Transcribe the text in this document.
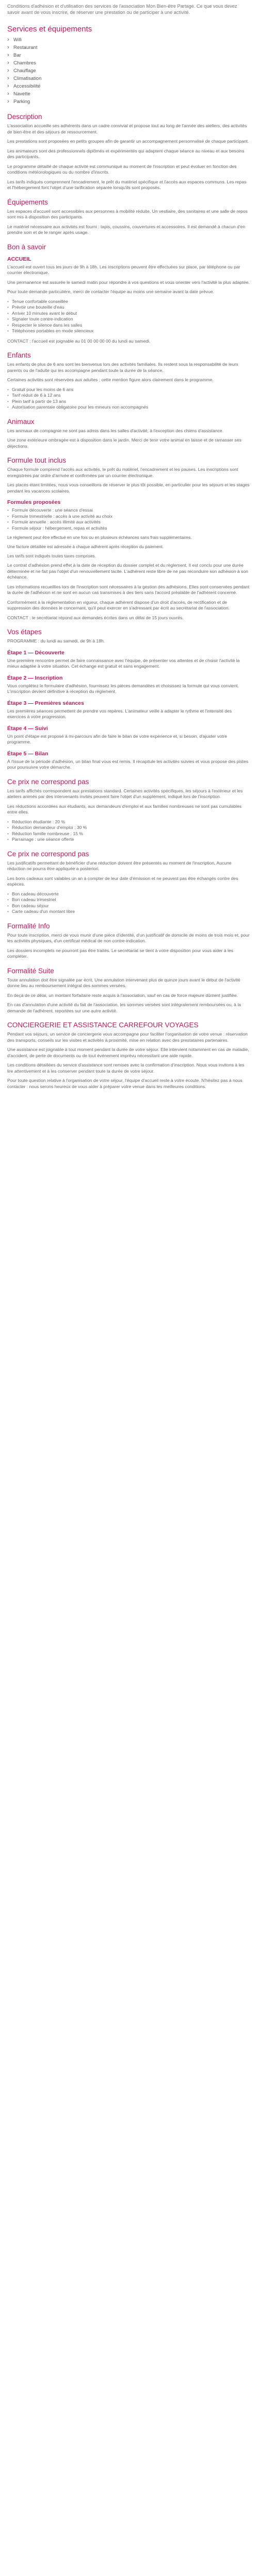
Conditions d'adhésion et d'utilisation des services de l'association Mon Bien-être Partagé. Ce que vous devez savoir avant de vous inscrire, de réserver une prestation ou de participer à une activité.

Services et équipements
› Wifi
› Restaurant
› Bar
› Chambres
› Chauffage
› Climatisation
› Accessibilité
› Navette
› Parking
Description

L'association accueille ses adhérents dans un cadre convivial et propose tout au long de l'année des ateliers, des activités de bien-être et des séjours de ressourcement.

Les prestations sont proposées en petits groupes afin de garantir un accompagnement personnalisé de chaque participant.

Les animateurs sont des professionnels diplômés et expérimentés qui adaptent chaque séance au niveau et aux besoins des participants.

Le programme détaillé de chaque activité est communiqué au moment de l'inscription et peut évoluer en fonction des conditions météorologiques ou du nombre d'inscrits.

Les tarifs indiqués comprennent l'encadrement, le prêt du matériel spécifique et l'accès aux espaces communs. Les repas et l'hébergement font l'objet d'une tarification séparée lorsqu'ils sont proposés.

Équipements

Les espaces d'accueil sont accessibles aux personnes à mobilité réduite. Un vestiaire, des sanitaires et une salle de repos sont mis à disposition des participants.

Le matériel nécessaire aux activités est fourni : tapis, coussins, couvertures et accessoires. Il est demandé à chacun d'en prendre soin et de le ranger après usage.

Bon à savoir
ACCUEIL

L'accueil est ouvert tous les jours de 9h à 18h. Les inscriptions peuvent être effectuées sur place, par téléphone ou par courrier électronique.

Une permanence est assurée le samedi matin pour répondre à vos questions et vous orienter vers l'activité la plus adaptée.

Pour toute demande particulière, merci de contacter l'équipe au moins une semaine avant la date prévue.

• Tenue confortable conseillée
• Prévoir une bouteille d'eau
• Arriver 10 minutes avant le début
• Signaler toute contre-indication
• Respecter le silence dans les salles
• Téléphones portables en mode silencieux

CONTACT : l'accueil est joignable au 01 00 00 00 00 du lundi au samedi.

Enfants

Les enfants de plus de 6 ans sont les bienvenus lors des activités familiales. Ils restent sous la responsabilité de leurs parents ou de l'adulte qui les accompagne pendant toute la durée de la séance.

Certaines activités sont réservées aux adultes ; cette mention figure alors clairement dans le programme.

• Gratuit pour les moins de 6 ans
• Tarif réduit de 6 à 12 ans
• Plein tarif à partir de 13 ans
• Autorisation parentale obligatoire pour les mineurs non accompagnés
Animaux

Les animaux de compagnie ne sont pas admis dans les salles d'activité, à l'exception des chiens d'assistance.

Une zone extérieure ombragée est à disposition dans le jardin. Merci de tenir votre animal en laisse et de ramasser ses déjections.

Formule tout inclus

Chaque formule comprend l'accès aux activités, le prêt du matériel, l'encadrement et les pauses. Les inscriptions sont enregistrées par ordre d'arrivée et confirmées par un courrier électronique.

Les places étant limitées, nous vous conseillons de réserver le plus tôt possible, en particulier pour les séjours et les stages pendant les vacances scolaires.

Formules proposées
• Formule découverte : une séance d'essai
• Formule trimestrielle : accès à une activité au choix
• Formule annuelle : accès illimité aux activités
• Formule séjour : hébergement, repas et activités

Le règlement peut être effectué en une fois ou en plusieurs échéances sans frais supplémentaires.

Une facture détaillée est adressée à chaque adhérent après réception du paiement.

Les tarifs sont indiqués toutes taxes comprises.

Le contrat d'adhésion prend effet à la date de réception du dossier complet et du règlement. Il est conclu pour une durée déterminée et ne fait pas l'objet d'un renouvellement tacite. L'adhérent reste libre de ne pas reconduire son adhésion à son échéance.

Les informations recueillies lors de l'inscription sont nécessaires à la gestion des adhésions. Elles sont conservées pendant la durée de l'adhésion et ne sont en aucun cas transmises à des tiers sans l'accord préalable de l'adhérent concerné.

Conformément à la réglementation en vigueur, chaque adhérent dispose d'un droit d'accès, de rectification et de suppression des données le concernant, qu'il peut exercer en s'adressant par écrit au secrétariat de l'association.

CONTACT : le secrétariat répond aux demandes écrites dans un délai de 15 jours ouvrés.

Vos étapes

PROGRAMME : du lundi au samedi, de 9h à 18h.

Étape 1 — Découverte

Une première rencontre permet de faire connaissance avec l'équipe, de présenter vos attentes et de choisir l'activité la mieux adaptée à votre situation. Cet échange est gratuit et sans engagement.

Étape 2 — Inscription

Vous complétez le formulaire d'adhésion, fournissez les pièces demandées et choisissez la formule qui vous convient. L'inscription devient définitive à réception du règlement.

Étape 3 — Premières séances

Les premières séances permettent de prendre vos repères. L'animateur veille à adapter le rythme et l'intensité des exercices à votre progression.

Étape 4 — Suivi

Un point d'étape est proposé à mi-parcours afin de faire le bilan de votre expérience et, si besoin, d'ajuster votre programme.

Étape 5 — Bilan

À l'issue de la période d'adhésion, un bilan final vous est remis. Il récapitule les activités suivies et vous propose des pistes pour poursuivre votre démarche.

Ce prix ne correspond pas

Les tarifs affichés correspondent aux prestations standard. Certaines activités spécifiques, les séjours à l'extérieur et les ateliers animés par des intervenants invités peuvent faire l'objet d'un supplément, indiqué lors de l'inscription.

Les réductions accordées aux étudiants, aux demandeurs d'emploi et aux familles nombreuses ne sont pas cumulables entre elles.

• Réduction étudiante : 20 %
• Réduction demandeur d'emploi : 30 %
• Réduction famille nombreuse : 15 %
• Parrainage : une séance offerte
Ce prix ne correspond pas

Les justificatifs permettant de bénéficier d'une réduction doivent être présentés au moment de l'inscription. Aucune réduction ne pourra être appliquée a posteriori.

Les bons cadeaux sont valables un an à compter de leur date d'émission et ne peuvent pas être échangés contre des espèces.

• Bon cadeau découverte
• Bon cadeau trimestriel
• Bon cadeau séjour
• Carte cadeau d'un montant libre
Formalité Info

Pour toute inscription, merci de vous munir d'une pièce d'identité, d'un justificatif de domicile de moins de trois mois et, pour les activités physiques, d'un certificat médical de non contre-indication.

Les dossiers incomplets ne pourront pas être traités. Le secrétariat se tient à votre disposition pour vous aider à les compléter.

Formalité Suite

Toute annulation doit être signalée par écrit. Une annulation intervenant plus de quinze jours avant le début de l'activité donne lieu au remboursement intégral des sommes versées.

En deçà de ce délai, un montant forfaitaire reste acquis à l'association, sauf en cas de force majeure dûment justifiée.

En cas d'annulation d'une activité du fait de l'association, les sommes versées sont intégralement remboursées ou, à la demande de l'adhérent, reportées sur une autre activité.

CONCIERGERIE ET ASSISTANCE CARREFOUR VOYAGES

Pendant vos séjours, un service de conciergerie vous accompagne pour faciliter l'organisation de votre venue : réservation des transports, conseils sur les visites et activités à proximité, mise en relation avec des prestataires partenaires.

Une assistance est joignable à tout moment pendant la durée de votre séjour. Elle intervient notamment en cas de maladie, d'accident, de perte de documents ou de tout événement imprévu nécessitant une aide rapide.

Les conditions détaillées du service d'assistance sont remises avec la confirmation d'inscription. Nous vous invitons à les lire attentivement et à les conserver pendant toute la durée de votre séjour.

Pour toute question relative à l'organisation de votre séjour, l'équipe d'accueil reste à votre écoute. N'hésitez pas à nous contacter : nous serons heureux de vous aider à préparer votre venue dans les meilleures conditions.
